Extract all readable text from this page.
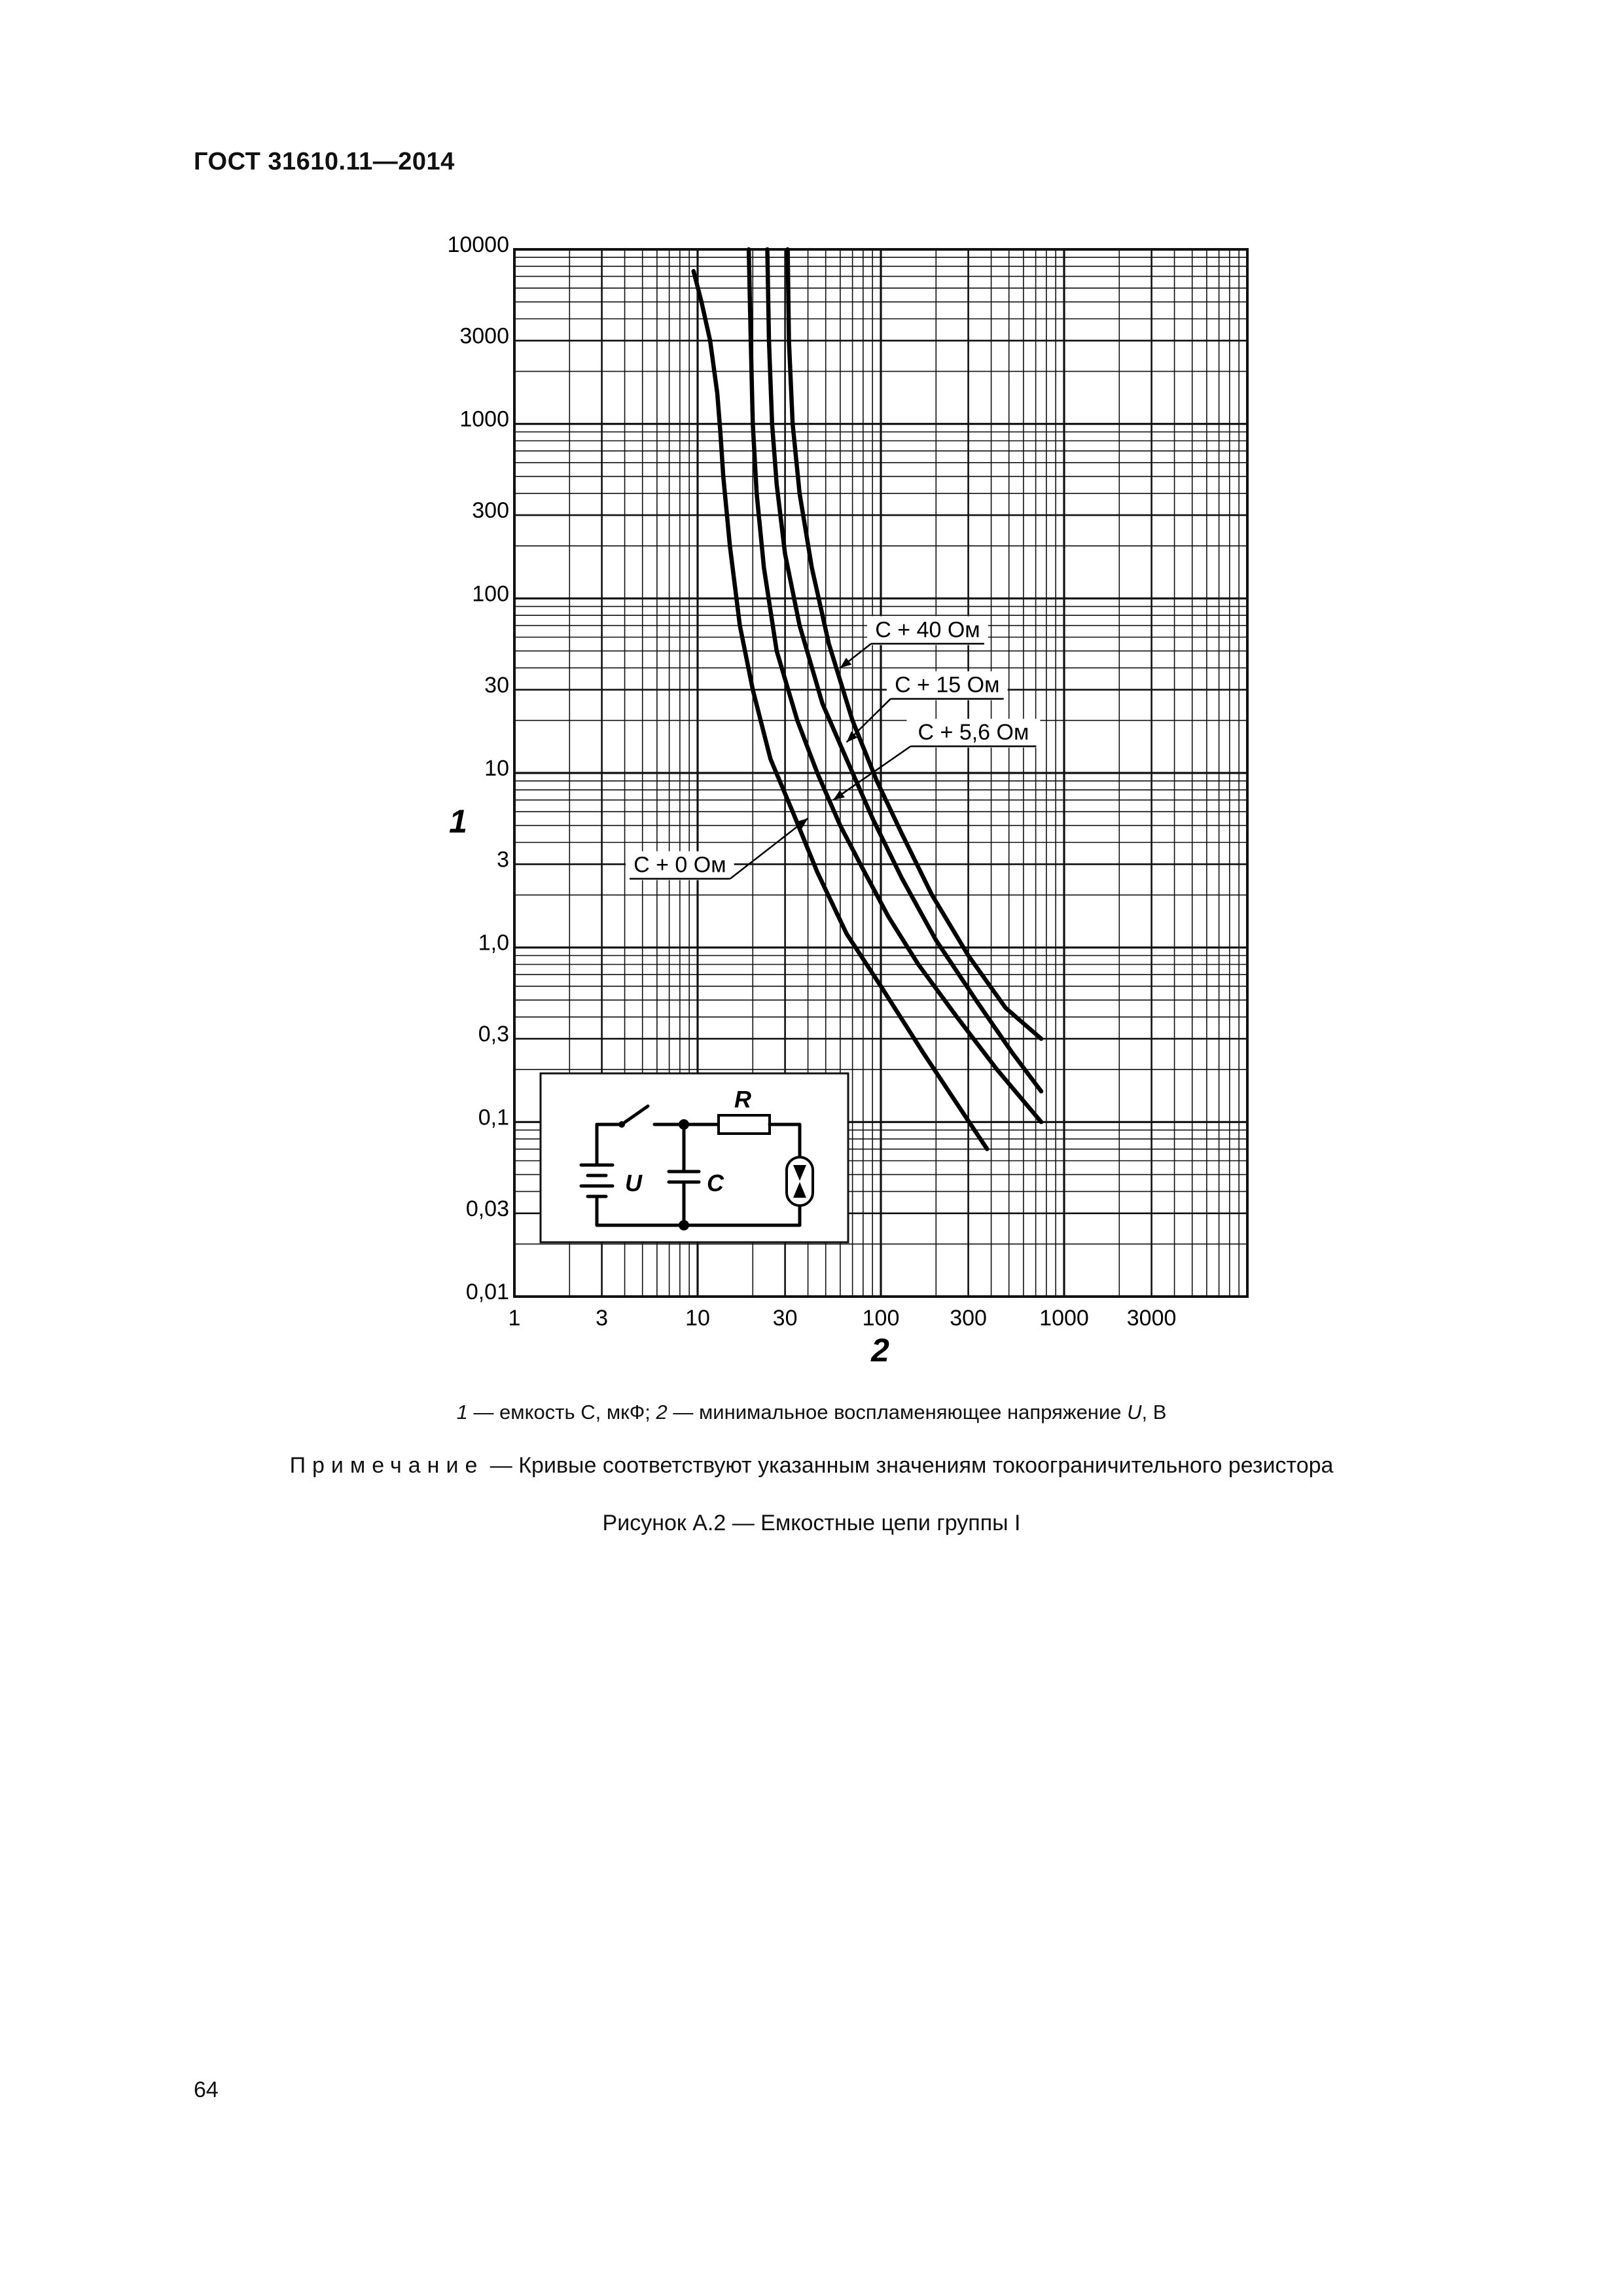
ГОСТ 31610.11—2014
С + 40 Ом
С + 15 Ом
С + 5,6 Ом
С + 0 Ом
R
U	C
10000
3000
1000
300
100
30
10
3
1,0
0,3
0,1
0,03
0,01
1	3	10	30	100 300 1000 3000
2
1
1 — емкость С, мкФ; 2 — минимальное воспламеняющее напряжение U, В
Примечание — Кривые соответствуют указанным значениям токоограничительного резистора
Рисунок А.2 — Емкостные цепи группы I
64
